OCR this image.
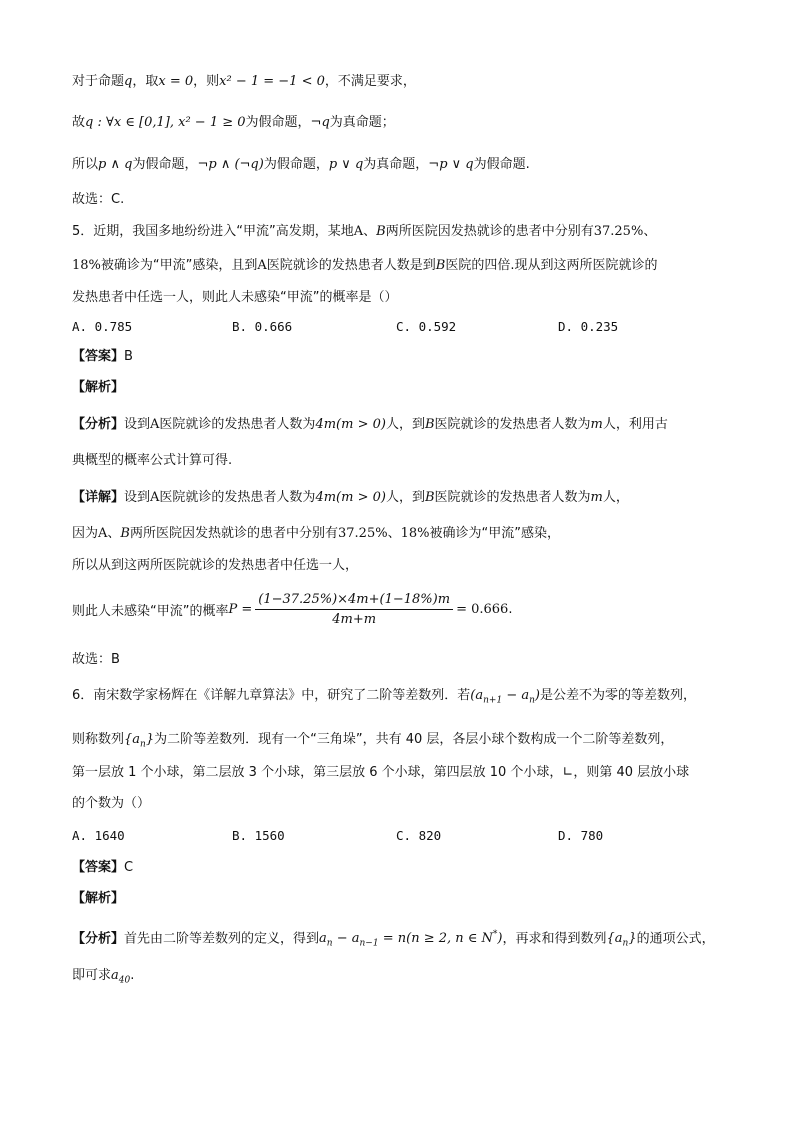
对于命题q，取x = 0，则x² − 1 = −1 < 0，不满足要求，
故q : ∀x ∈ [0,1], x² − 1 ≥ 0为假命题，¬q为真命题；
所以p ∧ q为假命题，¬p ∧ (¬q)为假命题，p ∨ q为真命题，¬p ∨ q为假命题.
故选：C.
5．近期，我国多地纷纷进入“甲流”高发期，某地A、B两所医院因发热就诊的患者中分别有37.25%、
18%被确诊为“甲流”感染，且到A医院就诊的发热患者人数是到B医院的四倍.现从到这两所医院就诊的
发热患者中任选一人，则此人未感染“甲流”的概率是（）
A. 0.785	B. 0.666	C. 0.592	D. 0.235
【答案】B
【解析】
【分析】设到A医院就诊的发热患者人数为4m(m > 0)人，到B医院就诊的发热患者人数为m人，利用古
典概型的概率公式计算可得.
【详解】设到A医院就诊的发热患者人数为4m(m > 0)人，到B医院就诊的发热患者人数为m人，
因为A、B两所医院因发热就诊的患者中分别有37.25%、18%被确诊为“甲流”感染，
所以从到这两所医院就诊的发热患者中任选一人，
则此人未感染“甲流”的概率$P = \frac{(1-37.25\%)\times 4m+(1-18\%)m}{4m+m} = 0.666$.
故选：B
6．南宋数学家杨辉在《详解九章算法》中，研究了二阶等差数列．若$(a_{n+1} - a_n)$是公差不为零的等差数列，
则称数列$\{a_n\}$为二阶等差数列．现有一个“三角垛”，共有 40 层，各层小球个数构成一个二阶等差数列，
第一层放 1 个小球，第二层放 3 个小球，第三层放 6 个小球，第四层放 10 个小球，∟，则第 40 层放小球
的个数为（）
A. 1640	B. 1560	C. 820	D. 780
【答案】C
【解析】
【分析】首先由二阶等差数列的定义，得到$a_n - a_{n-1} = n(n \ge 2$, n ∈ N*)，再求和得到数列$\{a_n\}$的通项公式，
即可求$a_{40}$.
